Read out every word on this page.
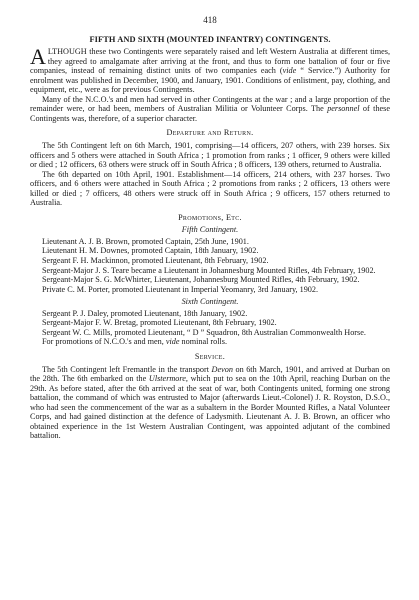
418
FIFTH AND SIXTH (MOUNTED INFANTRY) CONTINGENTS.

ALTHOUGH these two Contingents were separately raised and left Western Australia at different times, they agreed to amalgamate after arriving at the front, and thus to form one battalion of four or five companies, instead of remaining distinct units of two companies each (vide “ Service.”) Authority for enrolment was published in December, 1900, and January, 1901. Conditions of enlistment, pay, clothing, and equipment, etc., were as for previous Contingents.

Many of the N.C.O.'s and men had served in other Contingents at the war ; and a large proportion of the remainder were, or had been, members of Australian Militia or Volunteer Corps. The personnel of these Contingents was, therefore, of a superior character.

Departure and Return.

The 5th Contingent left on 6th March, 1901, comprising—14 officers, 207 others, with 239 horses. Six officers and 5 others were attached in South Africa ; 1 promotion from ranks ; 1 officer, 9 others were killed or died ; 12 officers, 63 others were struck off in South Africa ; 8 officers, 139 others, returned to Australia.

The 6th departed on 10th April, 1901. Establishment—14 officers, 214 others, with 237 horses. Two officers, and 6 others were attached in South Africa ; 2 promotions from ranks ; 2 officers, 13 others were killed or died ; 7 officers, 48 others were struck off in South Africa ; 9 officers, 157 others returned to Australia.

Promotions, Etc.
Fifth Contingent.

Lieutenant A. J. B. Brown, promoted Captain, 25th June, 1901.

Lieutenant H. M. Downes, promoted Captain, 18th January, 1902.

Sergeant F. H. Mackinnon, promoted Lieutenant, 8th February, 1902.

Sergeant-Major J. S. Teare became a Lieutenant in Johannesburg Mounted Rifles, 4th February, 1902.

Sergeant-Major S. G. McWhirter, Lieutenant, Johannesburg Mounted Rifles, 4th February, 1902.

Private C. M. Porter, promoted Lieutenant in Imperial Yeomanry, 3rd January, 1902.

Sixth Contingent.

Sergeant P. J. Daley, promoted Lieutenant, 18th January, 1902.

Sergeant-Major F. W. Bretag, promoted Lieutenant, 8th February, 1902.

Sergeant W. C. Mills, promoted Lieutenant, “ D ” Squadron, 8th Australian Commonwealth Horse.

For promotions of N.C.O.'s and men, vide nominal rolls.

Service.

The 5th Contingent left Fremantle in the transport Devon on 6th March, 1901, and arrived at Durban on the 28th. The 6th embarked on the Ulstermore, which put to sea on the 10th April, reaching Durban on the 29th. As before stated, after the 6th arrived at the seat of war, both Contingents united, forming one strong battalion, the command of which was entrusted to Major (afterwards Lieut.-Colonel) J. R. Royston, D.S.O., who had seen the commencement of the war as a subaltern in the Border Mounted Rifles, a Natal Volunteer Corps, and had gained distinction at the defence of Ladysmith. Lieutenant A. J. B. Brown, an officer who obtained experience in the 1st Western Australian Contingent, was appointed adjutant of the combined battalion.
